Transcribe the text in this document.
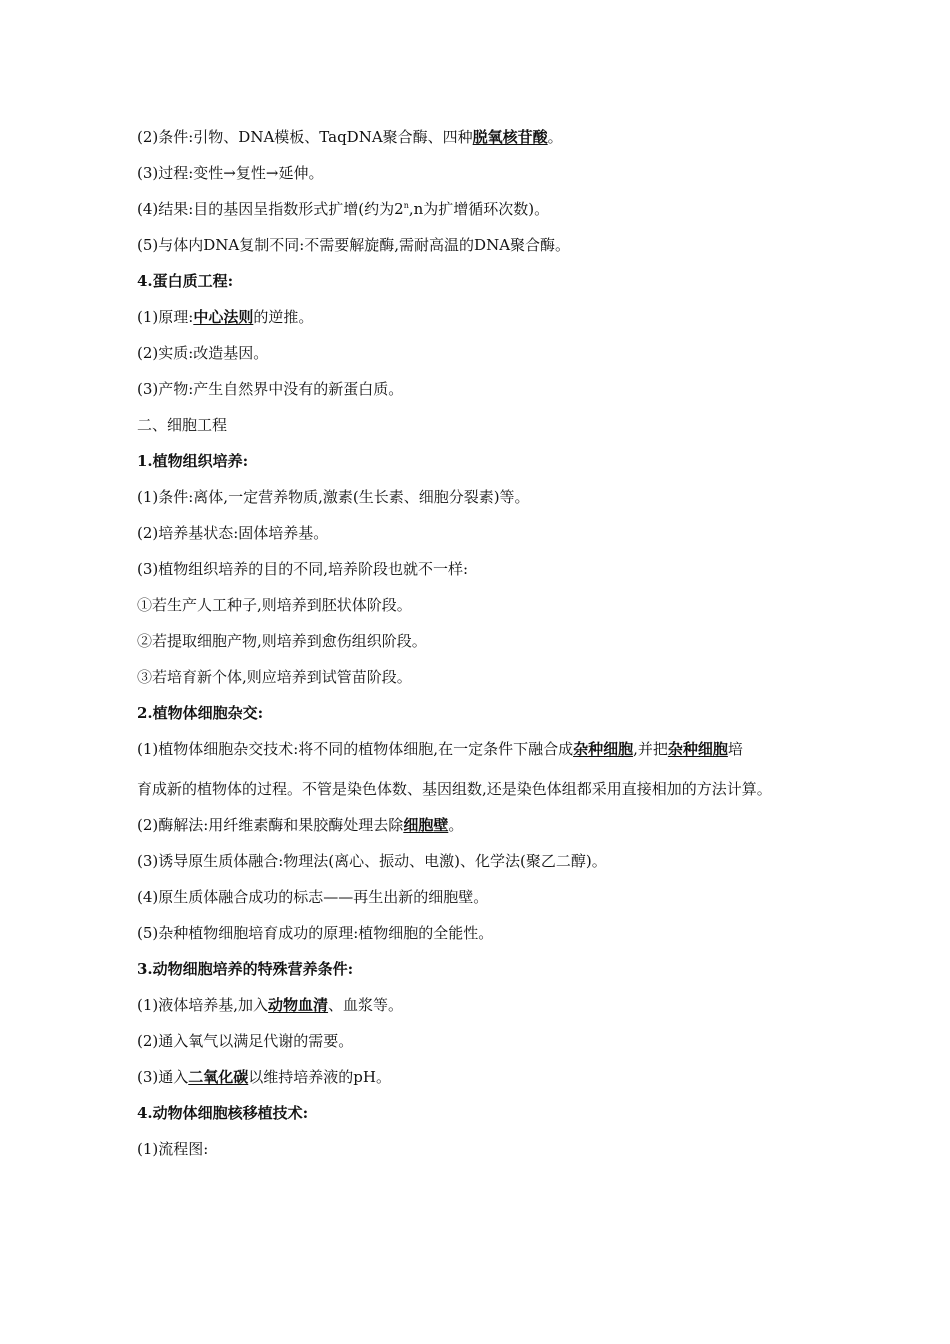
(2)条件:引物、DNA模板、TaqDNA聚合酶、四种脱氧核苷酸。
(3)过程:变性→复性→延伸。
(4)结果:目的基因呈指数形式扩增(约为2$^n$,n为扩增循环次数)。
(5)与体内DNA复制不同:不需要解旋酶,需耐高温的DNA聚合酶。
4.蛋白质工程:
(1)原理:中心法则的逆推。
(2)实质:改造基因。
(3)产物:产生自然界中没有的新蛋白质。
二、细胞工程
1.植物组织培养:
(1)条件:离体,一定营养物质,激素(生长素、细胞分裂素)等。
(2)培养基状态:固体培养基。
(3)植物组织培养的目的不同,培养阶段也就不一样:
①若生产人工种子,则培养到胚状体阶段。
②若提取细胞产物,则培养到愈伤组织阶段。
③若培育新个体,则应培养到试管苗阶段。
2.植物体细胞杂交:
(1)植物体细胞杂交技术:将不同的植物体细胞,在一定条件下融合成杂种细胞,并把杂种细胞培
育成新的植物体的过程。不管是染色体数、基因组数,还是染色体组都采用直接相加的方法计算。
(2)酶解法:用纤维素酶和果胶酶处理去除细胞壁。
(3)诱导原生质体融合:物理法(离心、振动、电激)、化学法(聚乙二醇)。
(4)原生质体融合成功的标志——再生出新的细胞壁。
(5)杂种植物细胞培育成功的原理:植物细胞的全能性。
3.动物细胞培养的特殊营养条件:
(1)液体培养基,加入动物血清、血浆等。
(2)通入氧气以满足代谢的需要。
(3)通入二氧化碳以维持培养液的pH。
4.动物体细胞核移植技术:
(1)流程图:
